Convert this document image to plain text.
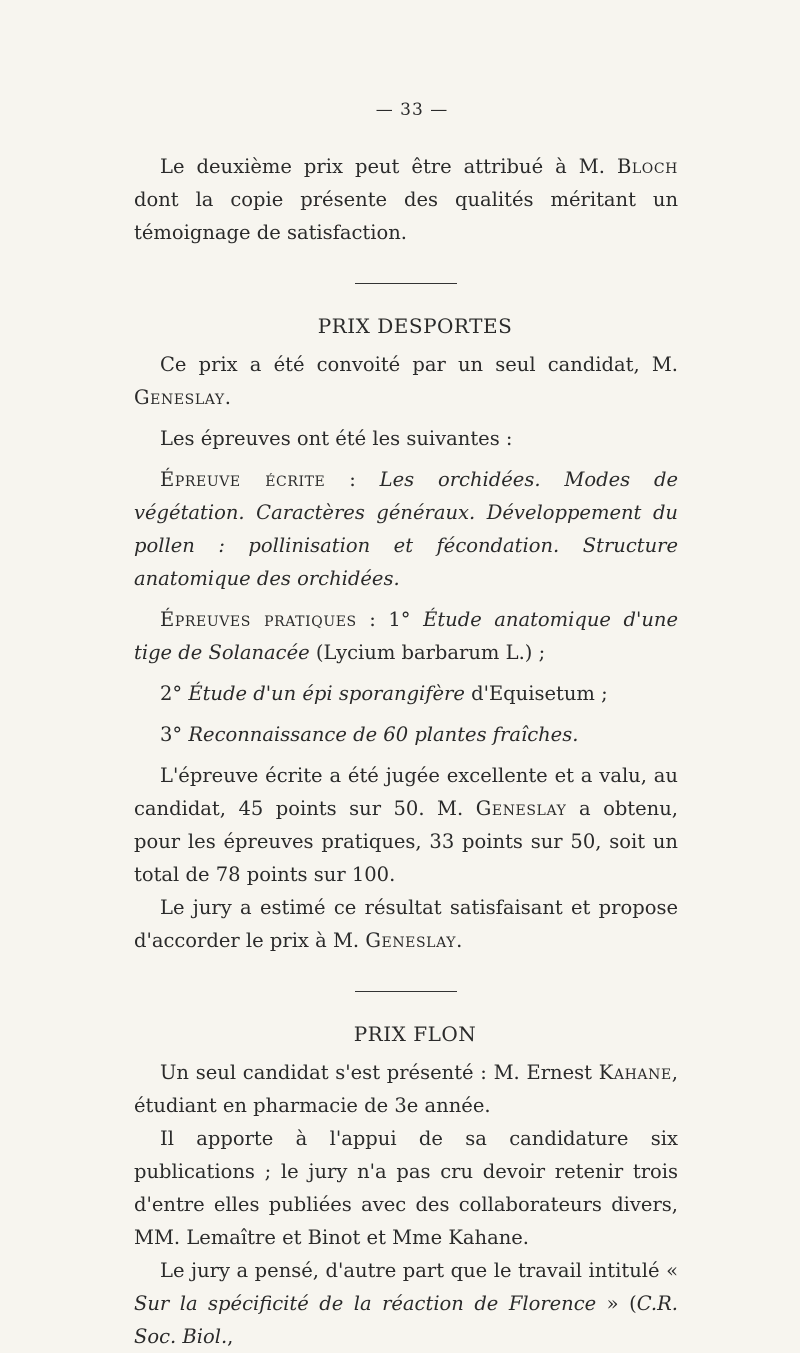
— 33 —

Le deuxième prix peut être attribué à M. Bloch dont la copie présente des qualités méritant un témoignage de satisfaction.

PRIX DESPORTES

Ce prix a été convoité par un seul candidat, M. Geneslay.

Les épreuves ont été les suivantes :

Épreuve écrite : Les orchidées. Modes de végétation. Caractères généraux. Développement du pollen : pollinisation et fécondation. Structure anatomique des orchidées.

Épreuves pratiques : 1° Étude anatomique d'une tige de Solanacée (Lycium barbarum L.) ;

2° Étude d'un épi sporangifère d'Equisetum ;

3° Reconnaissance de 60 plantes fraîches.

L'épreuve écrite a été jugée excellente et a valu, au candidat, 45 points sur 50. M. Geneslay a obtenu, pour les épreuves pratiques, 33 points sur 50, soit un total de 78 points sur 100.

Le jury a estimé ce résultat satisfaisant et propose d'accorder le prix à M. Geneslay.

PRIX FLON

Un seul candidat s'est présenté : M. Ernest Kahane, étudiant en pharmacie de 3e année.

Il apporte à l'appui de sa candidature six publications ; le jury n'a pas cru devoir retenir trois d'entre elles publiées avec des collaborateurs divers, MM. Lemaître et Binot et Mme Kahane.

Le jury a pensé, d'autre part que le travail intitulé « Sur la spécificité de la réaction de Florence » (C.R. Soc. Biol.,
